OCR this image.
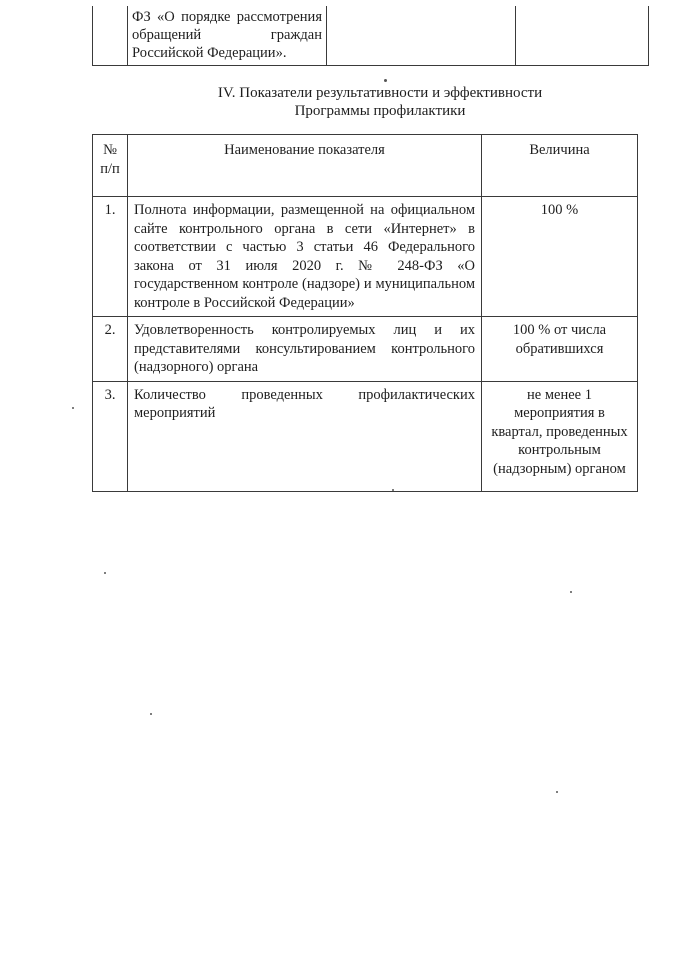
ФЗ «О порядке рассмотрения
обращений граждан
Российской Федерации».		
IV. Показатели результативности и эффективности
Программы профилактики
№ п/п	Наименование показателя	Величина
1.	Полнота информации, размещенной на официальном сайте контрольного органа в сети «Интернет» в соответствии с частью 3 статьи 46 Федерального закона от 31 июля 2020 г. № 248-ФЗ «О государственном контроле (надзоре) и муниципальном контроле в Российской Федерации»	100 %
2.	Удовлетворенность контролируемых лиц и их представителями консультированием контрольного (надзорного) органа	100 % от числа обратившихся
3.	Количество проведенных профилактических мероприятий	не менее 1 мероприятия в квартал, проведенных контрольным (надзорным) органом
